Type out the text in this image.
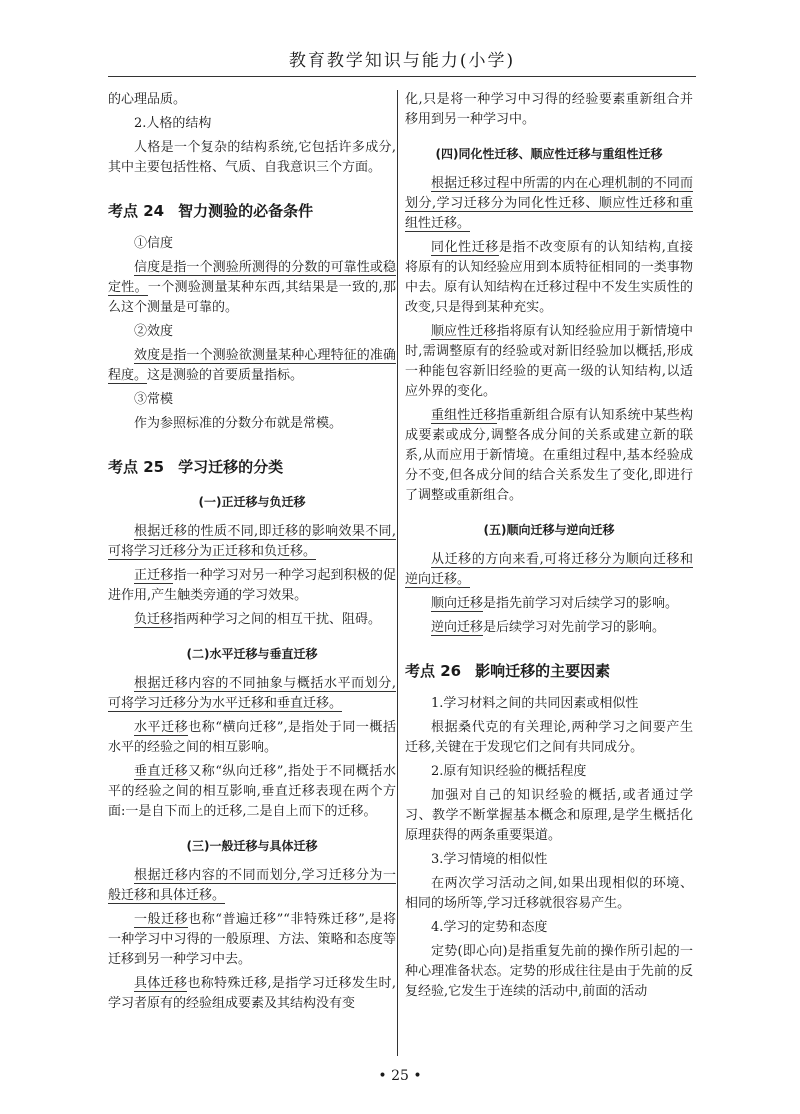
教育教学知识与能力(小学)

的心理品质。

2.人格的结构

人格是一个复杂的结构系统,它包括许多成分,其中主要包括性格、气质、自我意识三个方面。

考点 24 智力测验的必备条件

①信度

信度是指一个测验所测得的分数的可靠性或稳定性。一个测验测量某种东西,其结果是一致的,那么这个测量是可靠的。

②效度

效度是指一个测验欲测量某种心理特征的准确程度。这是测验的首要质量指标。

③常模

作为参照标准的分数分布就是常模。

考点 25 学习迁移的分类
(一)正迁移与负迁移

根据迁移的性质不同,即迁移的影响效果不同,可将学习迁移分为正迁移和负迁移。

正迁移指一种学习对另一种学习起到积极的促进作用,产生触类旁通的学习效果。

负迁移指两种学习之间的相互干扰、阻碍。

(二)水平迁移与垂直迁移

根据迁移内容的不同抽象与概括水平而划分,可将学习迁移分为水平迁移和垂直迁移。

水平迁移也称“横向迁移”,是指处于同一概括水平的经验之间的相互影响。

垂直迁移又称“纵向迁移”,指处于不同概括水平的经验之间的相互影响,垂直迁移表现在两个方面:一是自下而上的迁移,二是自上而下的迁移。

(三)一般迁移与具体迁移

根据迁移内容的不同而划分,学习迁移分为一般迁移和具体迁移。

一般迁移也称“普遍迁移”“非特殊迁移”,是将一种学习中习得的一般原理、方法、策略和态度等迁移到另一种学习中去。

具体迁移也称特殊迁移,是指学习迁移发生时,学习者原有的经验组成要素及其结构没有变

化,只是将一种学习中习得的经验要素重新组合并移用到另一种学习中。

(四)同化性迁移、顺应性迁移与重组性迁移

根据迁移过程中所需的内在心理机制的不同而划分,学习迁移分为同化性迁移、顺应性迁移和重组性迁移。

同化性迁移是指不改变原有的认知结构,直接将原有的认知经验应用到本质特征相同的一类事物中去。原有认知结构在迁移过程中不发生实质性的改变,只是得到某种充实。

顺应性迁移指将原有认知经验应用于新情境中时,需调整原有的经验或对新旧经验加以概括,形成一种能包容新旧经验的更高一级的认知结构,以适应外界的变化。

重组性迁移指重新组合原有认知系统中某些构成要素或成分,调整各成分间的关系或建立新的联系,从而应用于新情境。在重组过程中,基本经验成分不变,但各成分间的结合关系发生了变化,即进行了调整或重新组合。

(五)顺向迁移与逆向迁移

从迁移的方向来看,可将迁移分为顺向迁移和逆向迁移。

顺向迁移是指先前学习对后续学习的影响。

逆向迁移是后续学习对先前学习的影响。

考点 26 影响迁移的主要因素

1.学习材料之间的共同因素或相似性

根据桑代克的有关理论,两种学习之间要产生迁移,关键在于发现它们之间有共同成分。

2.原有知识经验的概括程度

加强对自己的知识经验的概括,或者通过学习、教学不断掌握基本概念和原理,是学生概括化原理获得的两条重要渠道。

3.学习情境的相似性

在两次学习活动之间,如果出现相似的环境、相同的场所等,学习迁移就很容易产生。

4.学习的定势和态度

定势(即心向)是指重复先前的操作所引起的一种心理准备状态。定势的形成往往是由于先前的反复经验,它发生于连续的活动中,前面的活动

• 25 •
